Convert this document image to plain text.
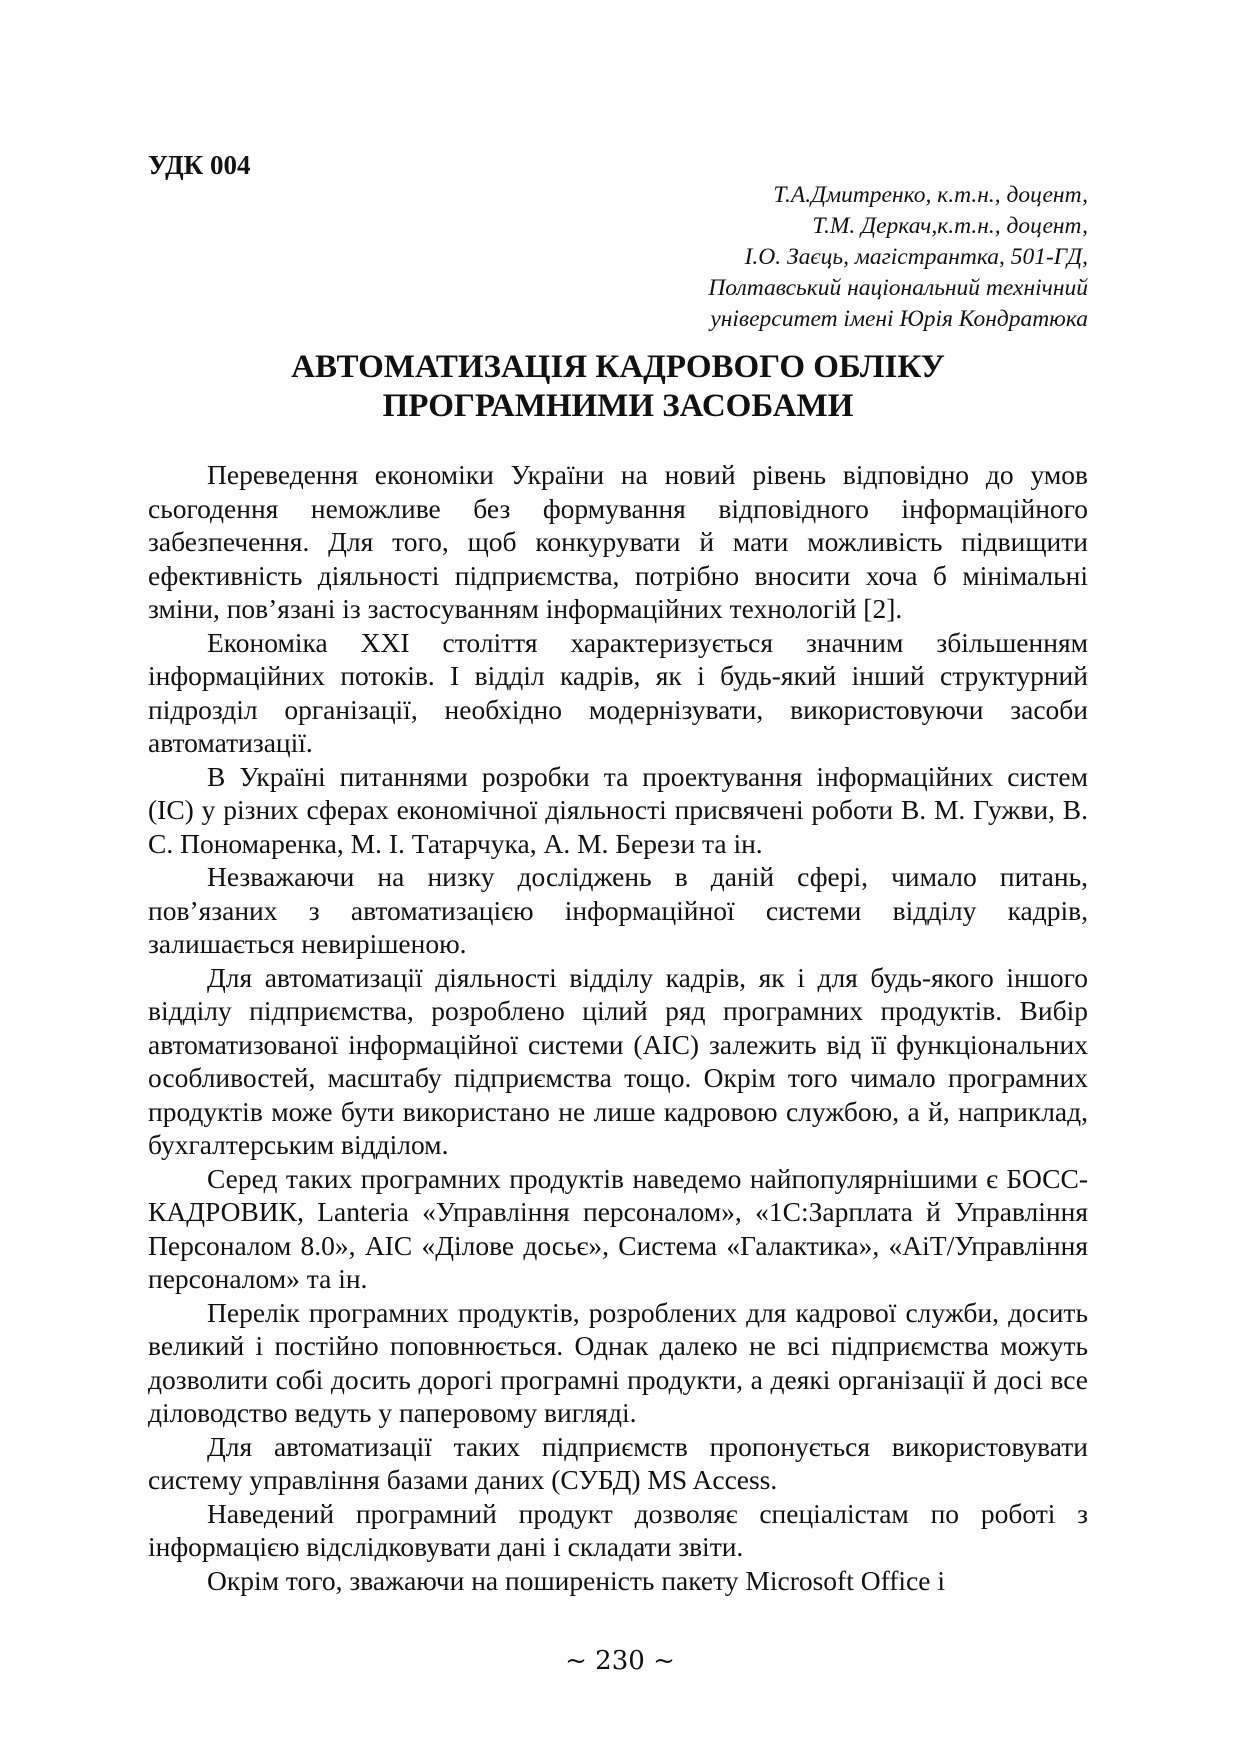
УДК 004
Т.А.Дмитренко, к.т.н., доцент,
Т.М. Деркач,к.т.н., доцент,
І.О. Заєць, магістрантка, 501-ГД,
Полтавський національний технічний
університет імені Юрія Кондратюка
АВТОМАТИЗАЦІЯ КАДРОВОГО ОБЛІКУ
ПРОГРАМНИМИ ЗАСОБАМИ

Переведення економіки України на новий рівень відповідно до умов сьогодення неможливе без формування відповідного інформаційного забезпечення. Для того, щоб конкурувати й мати можливість підвищити ефективність діяльності підприємства, потрібно вносити хоча б мінімальні зміни, пов’язані із застосуванням інформаційних технологій [2].

Економіка XXI століття характеризується значним збільшенням інформаційних потоків. І відділ кадрів, як і будь-який інший структурний підрозділ організації, необхідно модернізувати, використовуючи засоби автоматизації.

В Україні питаннями розробки та проектування інформаційних систем (ІС) у різних сферах економічної діяльності присвячені роботи В. М. Гужви, В. С. Пономаренка, М. І. Татарчука, А. М. Берези та ін.

Незважаючи на низку досліджень в даній сфері, чимало питань, пов’язаних з автоматизацією інформаційної системи відділу кадрів, залишається невирішеною.

Для автоматизації діяльності відділу кадрів, як і для будь-якого іншого відділу підприємства, розроблено цілий ряд програмних продуктів. Вибір автоматизованої інформаційної системи (АІС) залежить від її функціональних особливостей, масштабу підприємства тощо. Окрім того чимало програмних продуктів може бути використано не лише кадровою службою, а й, наприклад, бухгалтерським відділом.

Серед таких програмних продуктів наведемо найпопулярнішими є БОСС-КАДРОВИК, Lanteria «Управління персоналом», «1С:Зарплата й Управління Персоналом 8.0», АІС «Ділове досьє», Система «Галактика», «АіТ/Управління персоналом» та ін.

Перелік програмних продуктів, розроблених для кадрової служби, досить великий і постійно поповнюється. Однак далеко не всі підприємства можуть дозволити собі досить дорогі програмні продукти, а деякі організації й досі все діловодство ведуть у паперовому вигляді.

Для автоматизації таких підприємств пропонується використовувати систему управління базами даних (СУБД) MS Access.

Наведений програмний продукт дозволяє спеціалістам по роботі з інформацією відслідковувати дані і складати звіти.

Окрім того, зважаючи на поширеність пакету Microsoft Office і

~ 230 ~
